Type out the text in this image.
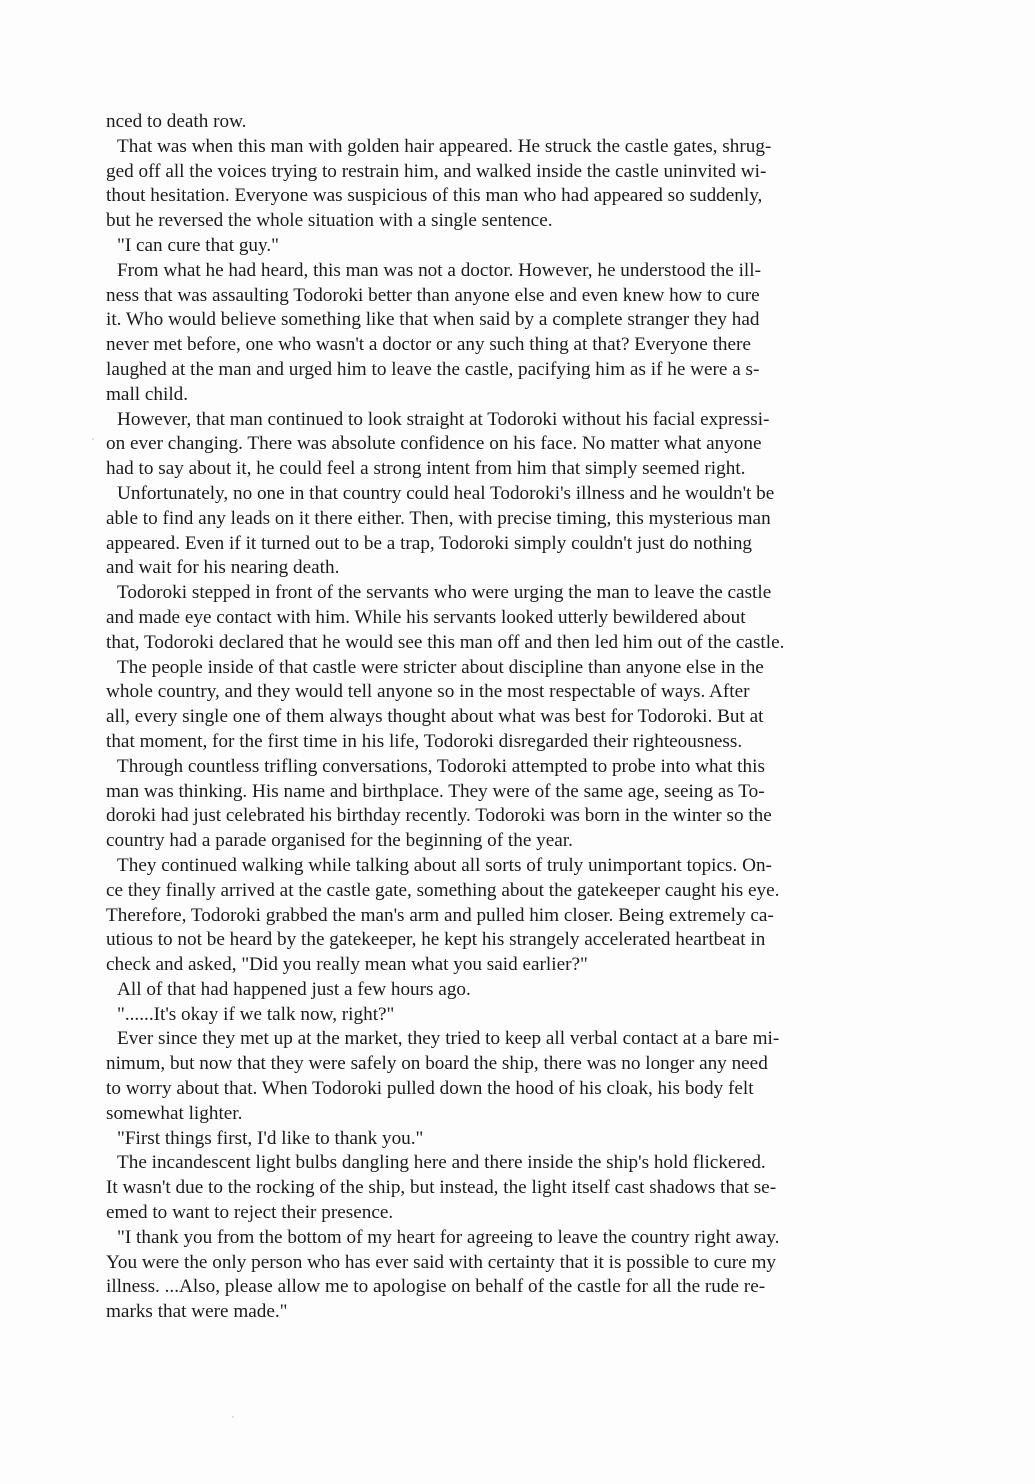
nced to death row.
That was when this man with golden hair appeared. He struck the castle gates, shrug-
ged off all the voices trying to restrain him, and walked inside the castle uninvited wi-
thout hesitation. Everyone was suspicious of this man who had appeared so suddenly,
but he reversed the whole situation with a single sentence.
"I can cure that guy."
From what he had heard, this man was not a doctor. However, he understood the ill-
ness that was assaulting Todoroki better than anyone else and even knew how to cure
it. Who would believe something like that when said by a complete stranger they had
never met before, one who wasn't a doctor or any such thing at that? Everyone there
laughed at the man and urged him to leave the castle, pacifying him as if he were a s-
mall child.
However, that man continued to look straight at Todoroki without his facial expressi-
on ever changing. There was absolute confidence on his face. No matter what anyone
had to say about it, he could feel a strong intent from him that simply seemed right.
Unfortunately, no one in that country could heal Todoroki's illness and he wouldn't be
able to find any leads on it there either. Then, with precise timing, this mysterious man
appeared. Even if it turned out to be a trap, Todoroki simply couldn't just do nothing
and wait for his nearing death.
Todoroki stepped in front of the servants who were urging the man to leave the castle
and made eye contact with him. While his servants looked utterly bewildered about
that, Todoroki declared that he would see this man off and then led him out of the castle.
The people inside of that castle were stricter about discipline than anyone else in the
whole country, and they would tell anyone so in the most respectable of ways. After
all, every single one of them always thought about what was best for Todoroki. But at
that moment, for the first time in his life, Todoroki disregarded their righteousness.
Through countless trifling conversations, Todoroki attempted to probe into what this
man was thinking. His name and birthplace. They were of the same age, seeing as To-
doroki had just celebrated his birthday recently. Todoroki was born in the winter so the
country had a parade organised for the beginning of the year.
They continued walking while talking about all sorts of truly unimportant topics. On-
ce they finally arrived at the castle gate, something about the gatekeeper caught his eye.
Therefore, Todoroki grabbed the man's arm and pulled him closer. Being extremely ca-
utious to not be heard by the gatekeeper, he kept his strangely accelerated heartbeat in
check and asked, "Did you really mean what you said earlier?"
All of that had happened just a few hours ago.
"......It's okay if we talk now, right?"
Ever since they met up at the market, they tried to keep all verbal contact at a bare mi-
nimum, but now that they were safely on board the ship, there was no longer any need
to worry about that. When Todoroki pulled down the hood of his cloak, his body felt
somewhat lighter.
"First things first, I'd like to thank you."
The incandescent light bulbs dangling here and there inside the ship's hold flickered.
It wasn't due to the rocking of the ship, but instead, the light itself cast shadows that se-
emed to want to reject their presence.
"I thank you from the bottom of my heart for agreeing to leave the country right away.
You were the only person who has ever said with certainty that it is possible to cure my
illness. ...Also, please allow me to apologise on behalf of the castle for all the rude re-
marks that were made."
